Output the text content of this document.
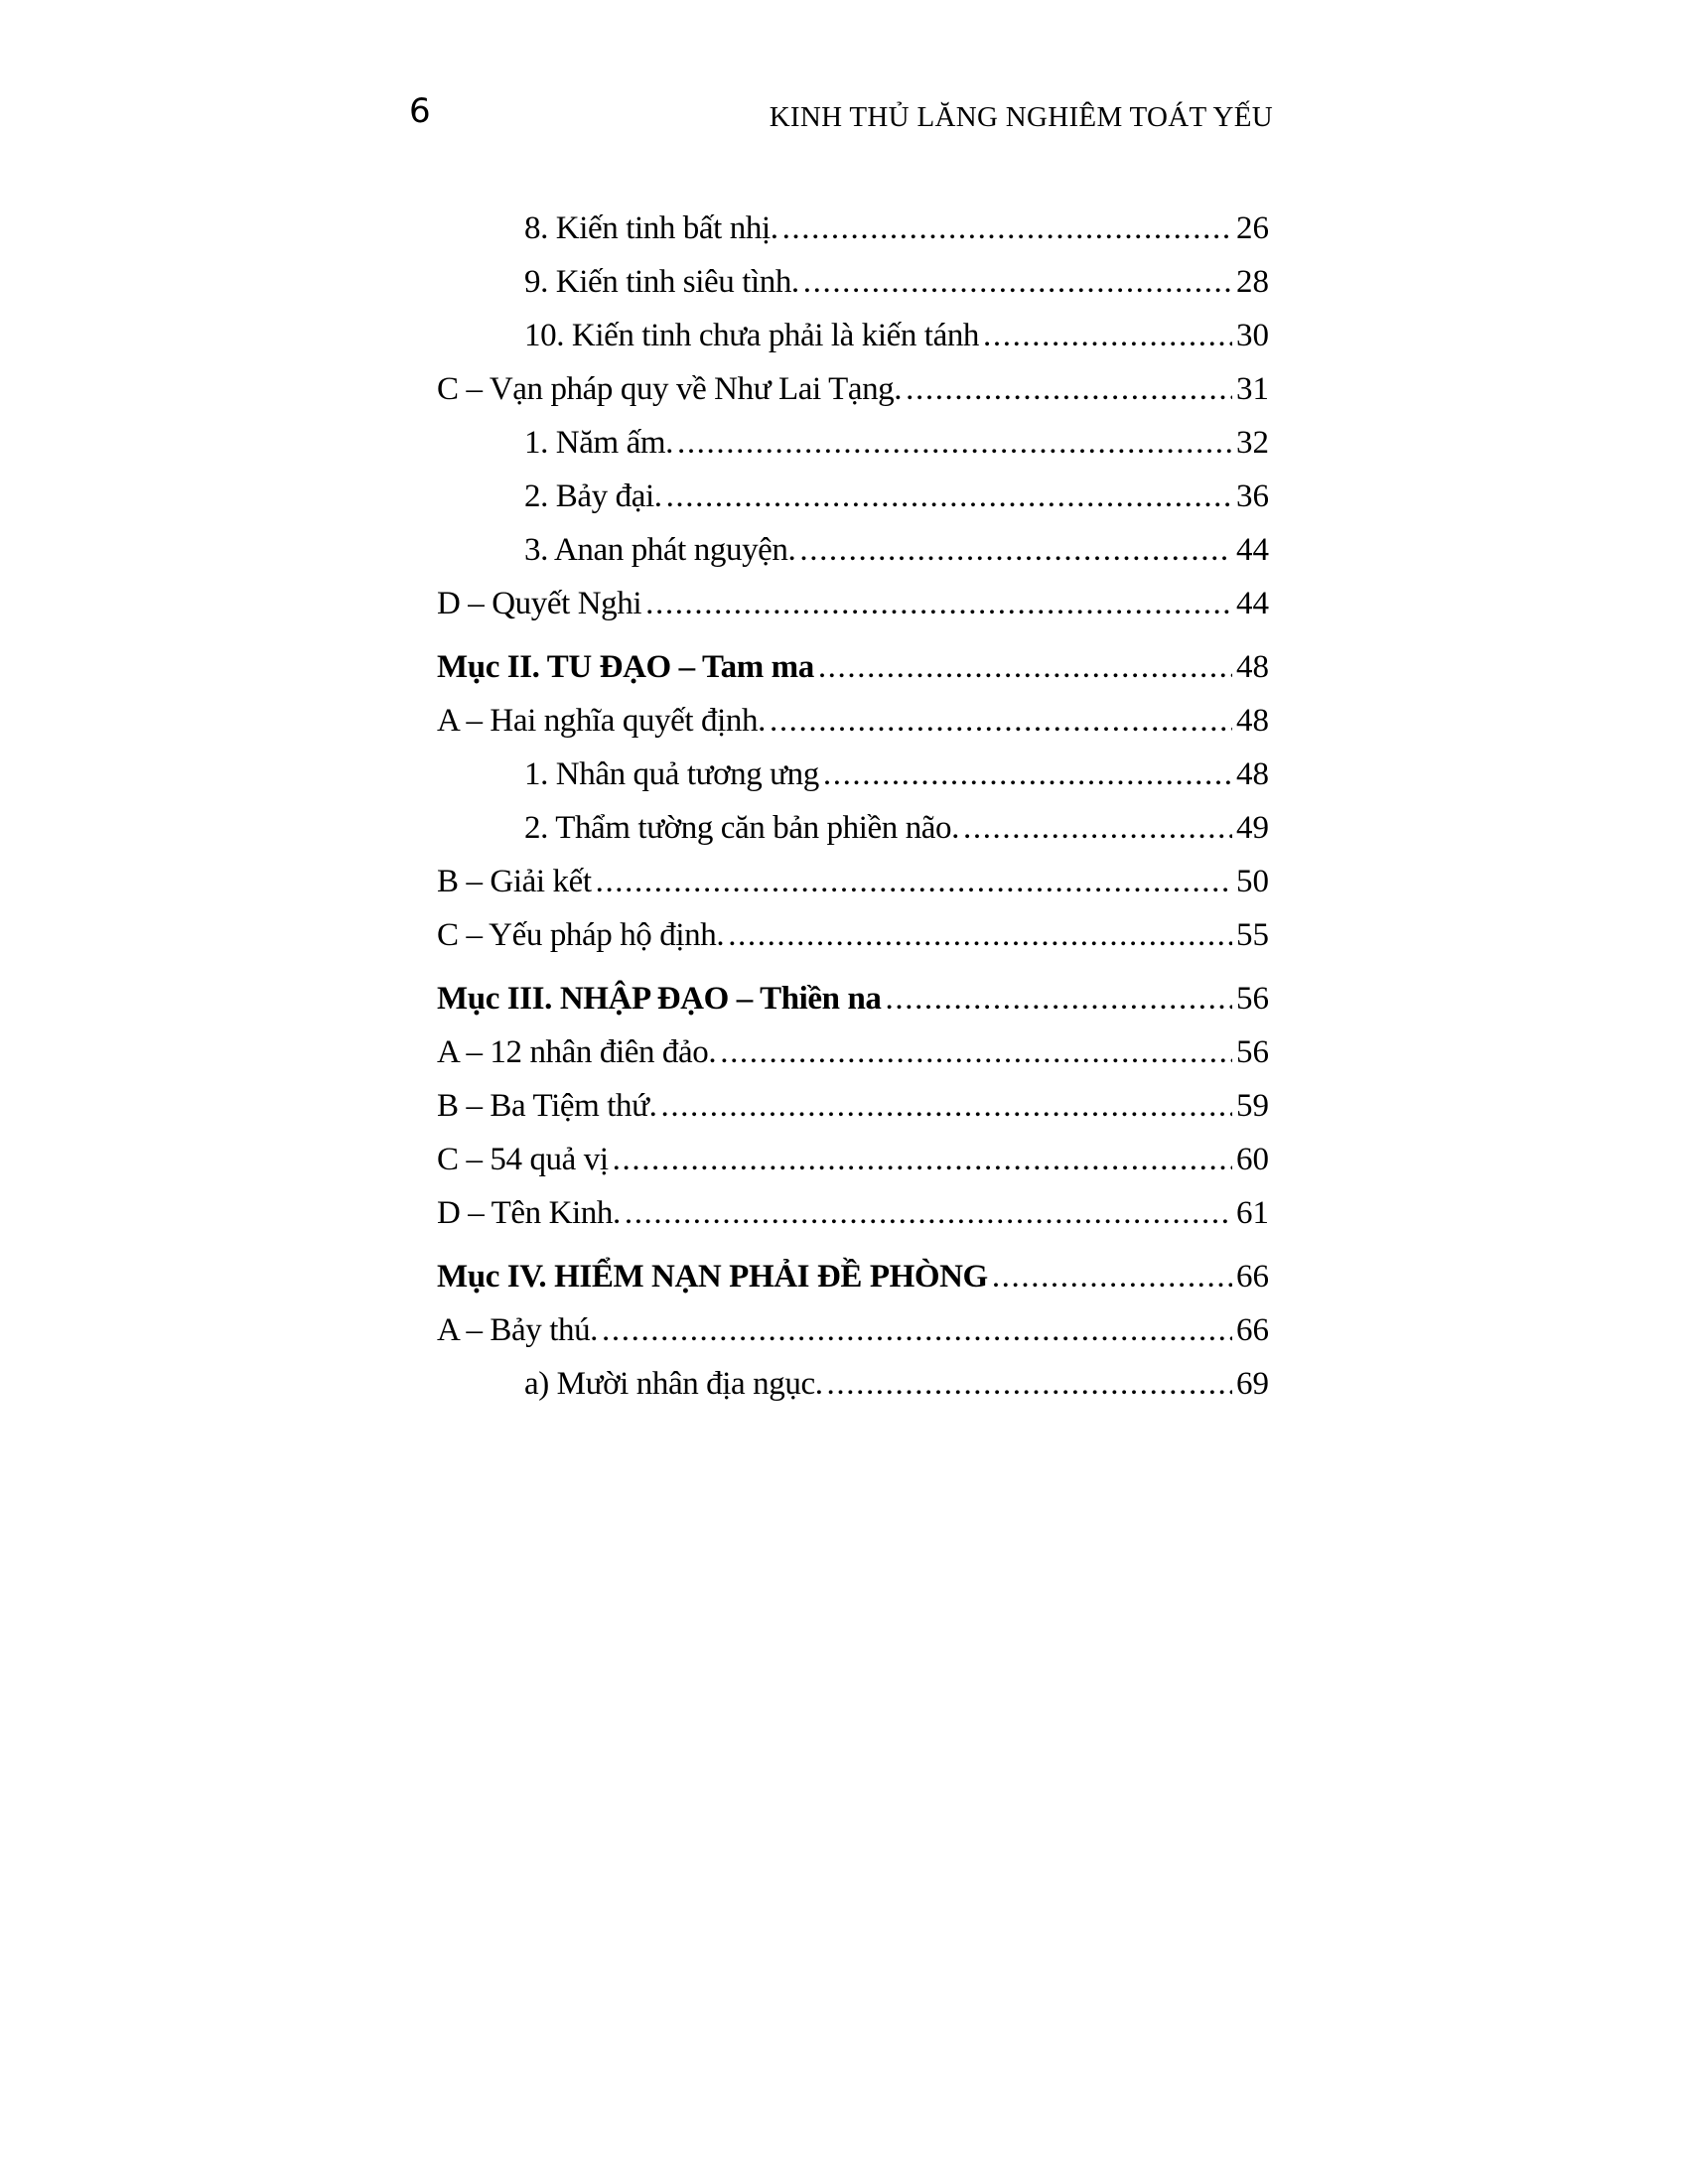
6	KINH THỦ LĂNG NGHIÊM TOÁT YẾU
8. Kiến tinh bất nhị. .....	26
9. Kiến tinh siêu tình. .....	28
10. Kiến tinh chưa phải là kiến tánh .....	30
C – Vạn pháp quy về Như Lai Tạng. .....	31
1. Năm ấm. .....	32
2. Bảy đại. .....	36
3. Anan phát nguyện. .....	44
D – Quyết Nghi .....	44
Mục II. TU ĐẠO – Tam ma .....	48
A – Hai nghĩa quyết định. .....	48
1. Nhân quả tương ưng .....	48
2. Thẩm tường căn bản phiền não. .....	49
B – Giải kết .....	50
C – Yếu pháp hộ định. .....	55
Mục III. NHẬP ĐẠO – Thiền na .....	56
A – 12 nhân điên đảo. .....	56
B – Ba Tiệm thứ. .....	59
C – 54 quả vị .....	60
D – Tên Kinh. .....	61
Mục IV. HIỂM NẠN PHẢI ĐỀ PHÒNG .....	66
A – Bảy thú. .....	66
a) Mười nhân địa ngục. .....	69
